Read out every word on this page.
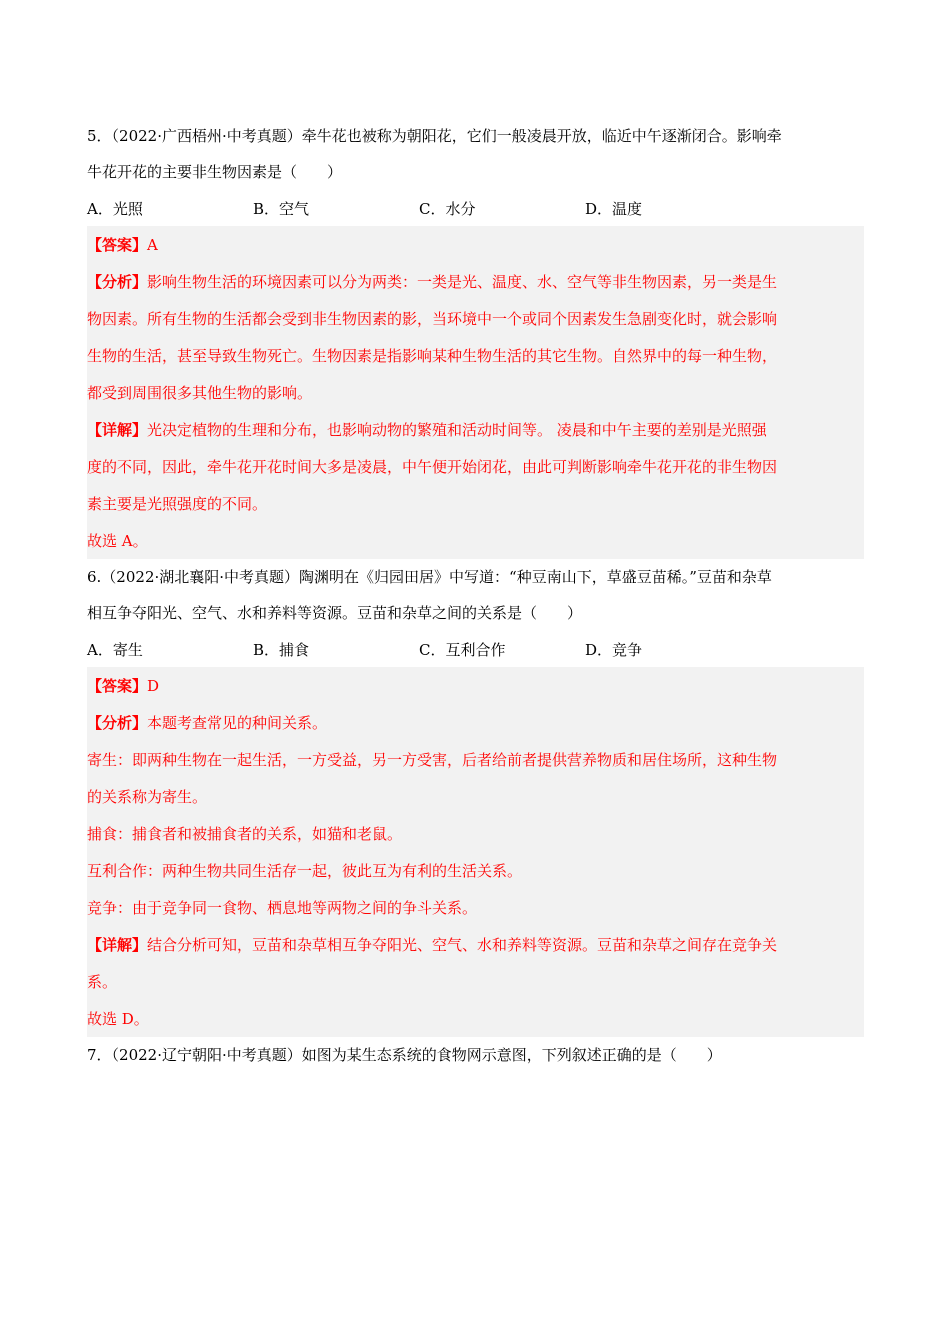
5．（2022·广西梧州·中考真题）牵牛花也被称为朝阳花，它们一般凌晨开放，临近中午逐渐闭合。影响牵
牛花开花的主要非生物因素是（　　）
A．光照	B．空气	C．水分	D．温度
【答案】 A
【分析】 影响生物生活的环境因素可以分为两类：一类是光、温度、水、空气等非生物因素，另一类是生
物因素。所有生物的生活都会受到非生物因素的影，当环境中一个或同个因素发生急剧变化时，就会影响
生物的生活，甚至导致生物死亡。生物因素是指影响某种生物生活的其它生物。自然界中的每一种生物，
都受到周围很多其他生物的影响。
【详解】 光决定植物的生理和分布，也影响动物的繁殖和活动时间等。 凌晨和中午主要的差别是光照强
度的不同，因此，牵牛花开花时间大多是凌晨，中午便开始闭花，由此可判断影响牵牛花开花的非生物因
素主要是光照强度的不同。
故选 A。
6.（2022·湖北襄阳·中考真题）陶渊明在《归园田居》中写道：“种豆南山下，草盛豆苗稀。”豆苗和杂草
相互争夺阳光、空气、水和养料等资源。豆苗和杂草之间的关系是（　　）
A．寄生	B．捕食	C．互利合作	D．竞争
【答案】 D
【分析】 本题考查常见的种间关系。
寄生：即两种生物在一起生活，一方受益，另一方受害，后者给前者提供营养物质和居住场所，这种生物
的关系称为寄生。
捕食：捕食者和被捕食者的关系，如猫和老鼠。
互利合作：两种生物共同生活存一起，彼此互为有利的生活关系。
竞争：由于竞争同一食物、栖息地等两物之间的争斗关系。
【详解】 结合分析可知，豆苗和杂草相互争夺阳光、空气、水和养料等资源。豆苗和杂草之间存在竞争关
系。
故选 D。
7．（2022·辽宁朝阳·中考真题）如图为某生态系统的食物网示意图，下列叙述正确的是（　　）
